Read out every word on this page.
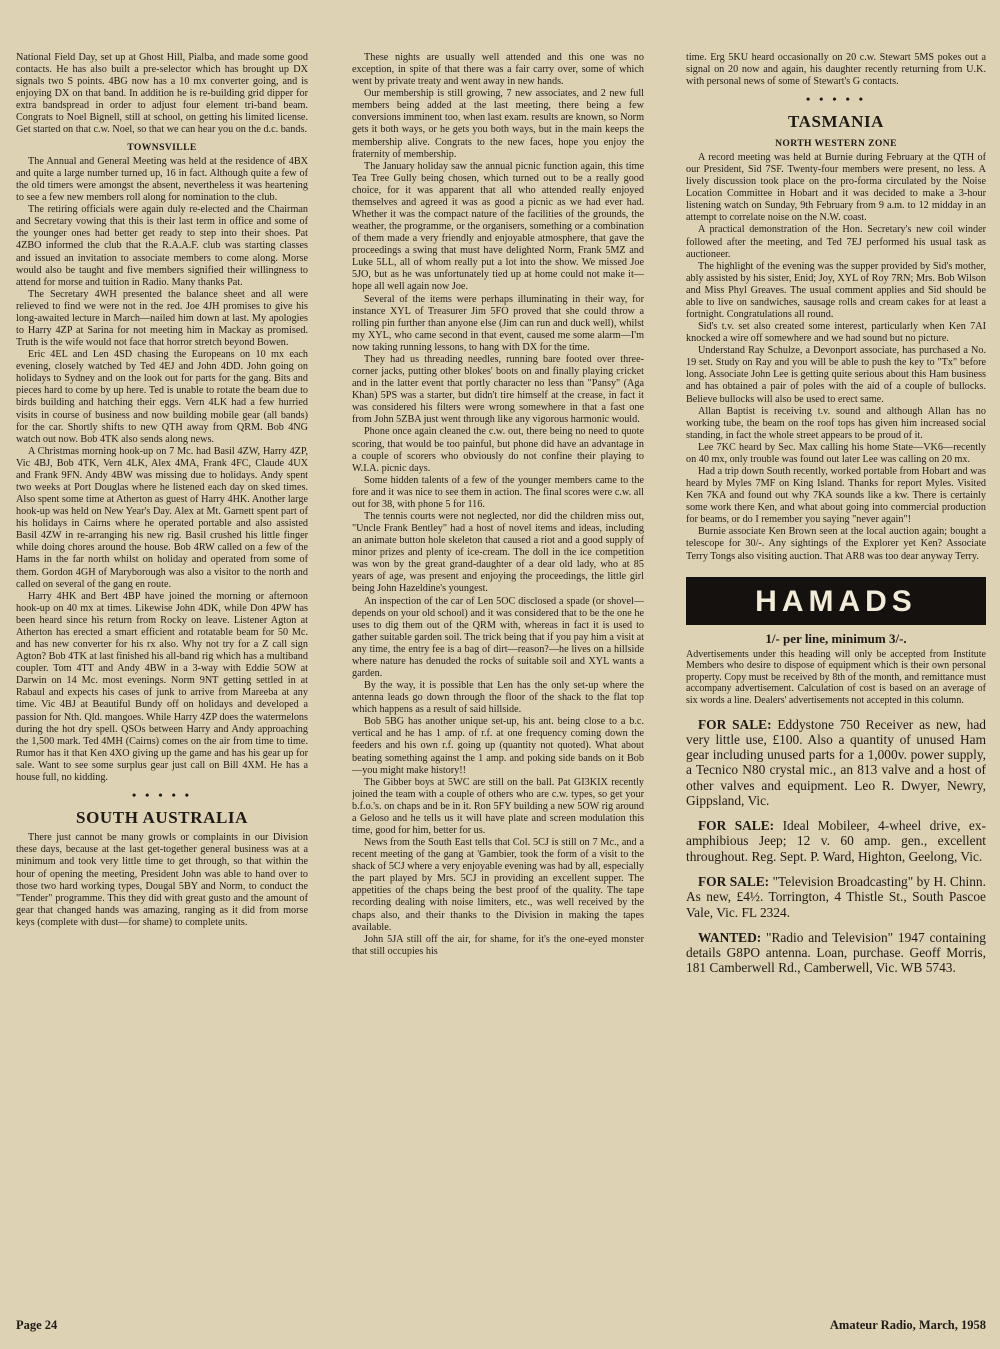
National Field Day, set up at Ghost Hill, Pialba, and made some good contacts. He has also built a pre-selector which has brought up DX signals two S points. 4BG now has a 10 mx converter going, and is enjoying DX on that band. In addition he is re-building grid dipper for extra bandspread in order to adjust four element tri-band beam. Congrats to Noel Bignell, still at school, on getting his limited license. Get started on that c.w. Noel, so that we can hear you on the d.c. bands.

TOWNSVILLE

The Annual and General Meeting was held at the residence of 4BX and quite a large number turned up, 16 in fact. Although quite a few of the old timers were amongst the absent, nevertheless it was heartening to see a few new members roll along for nomination to the club.

The retiring officials were again duly re-elected and the Chairman and Secretary vowing that this is their last term in office and some of the younger ones had better get ready to step into their shoes. Pat 4ZBO informed the club that the R.A.A.F. club was starting classes and issued an invitation to associate members to come along. Morse would also be taught and five members signified their willingness to attend for morse and tuition in Radio. Many thanks Pat.

The Secretary 4WH presented the balance sheet and all were relieved to find we were not in the red. Joe 4JH promises to give his long-awaited lecture in March—nailed him down at last. My apologies to Harry 4ZP at Sarina for not meeting him in Mackay as promised. Truth is the wife would not face that horror stretch beyond Bowen.

Eric 4EL and Len 4SD chasing the Europeans on 10 mx each evening, closely watched by Ted 4EJ and John 4DD. John going on holidays to Sydney and on the look out for parts for the gang. Bits and pieces hard to come by up here. Ted is unable to rotate the beam due to birds building and hatching their eggs. Vern 4LK had a few hurried visits in course of business and now building mobile gear (all bands) for the car. Shortly shifts to new QTH away from QRM. Bob 4NG watch out now. Bob 4TK also sends along news.

A Christmas morning hook-up on 7 Mc. had Basil 4ZW, Harry 4ZP, Vic 4BJ, Bob 4TK, Vern 4LK, Alex 4MA, Frank 4FC, Claude 4UX and Frank 9FN. Andy 4BW was missing due to holidays. Andy spent two weeks at Port Douglas where he listened each day on sked times. Also spent some time at Atherton as guest of Harry 4HK. Another large hook-up was held on New Year's Day. Alex at Mt. Garnett spent part of his holidays in Cairns where he operated portable and also assisted Basil 4ZW in re-arranging his new rig. Basil crushed his little finger while doing chores around the house. Bob 4RW called on a few of the Hams in the far north whilst on holiday and operated from some of them. Gordon 4GH of Maryborough was also a visitor to the north and called on several of the gang en route.

Harry 4HK and Bert 4BP have joined the morning or afternoon hook-up on 40 mx at times. Likewise John 4DK, while Don 4PW has been heard since his return from Rocky on leave. Listener Agton at Atherton has erected a smart efficient and rotatable beam for 50 Mc. and has new converter for his rx also. Why not try for a Z call sign Agton? Bob 4TK at last finished his all-band rig which has a multiband coupler. Tom 4TT and Andy 4BW in a 3-way with Eddie 5OW at Darwin on 14 Mc. most evenings. Norm 9NT getting settled in at Rabaul and expects his cases of junk to arrive from Mareeba at any time. Vic 4BJ at Beautiful Bundy off on holidays and developed a passion for Nth. Qld. mangoes. While Harry 4ZP does the watermelons during the hot dry spell. QSOs between Harry and Andy approaching the 1,500 mark. Ted 4MH (Cairns) comes on the air from time to time. Rumor has it that Ken 4XO giving up the game and has his gear up for sale. Want to see some surplus gear just call on Bill 4XM. He has a house full, no kidding.

• • • • •
SOUTH AUSTRALIA

There just cannot be many growls or complaints in our Division these days, because at the last get-together general business was at a minimum and took very little time to get through, so that within the hour of opening the meeting, President John was able to hand over to those two hard working types, Dougal 5BY and Norm, to conduct the "Tender" programme. This they did with great gusto and the amount of gear that changed hands was amazing, ranging as it did from morse keys (complete with dust—for shame) to complete units.

These nights are usually well attended and this one was no exception, in spite of that there was a fair carry over, some of which went by private treaty and went away in new hands.

Our membership is still growing, 7 new associates, and 2 new full members being added at the last meeting, there being a few conversions imminent too, when last exam. results are known, so Norm gets it both ways, or he gets you both ways, but in the main keeps the membership alive. Congrats to the new faces, hope you enjoy the fraternity of membership.

The January holiday saw the annual picnic function again, this time Tea Tree Gully being chosen, which turned out to be a really good choice, for it was apparent that all who attended really enjoyed themselves and agreed it was as good a picnic as we had ever had. Whether it was the compact nature of the facilities of the grounds, the weather, the programme, or the organisers, something or a combination of them made a very friendly and enjoyable atmosphere, that gave the proceedings a swing that must have delighted Norm, Frank 5MZ and Luke 5LL, all of whom really put a lot into the show. We missed Joe 5JO, but as he was unfortunately tied up at home could not make it—hope all well again now Joe.

Several of the items were perhaps illuminating in their way, for instance XYL of Treasurer Jim 5FO proved that she could throw a rolling pin further than anyone else (Jim can run and duck well), whilst my XYL, who came second in that event, caused me some alarm—I'm now taking running lessons, to hang with DX for the time.

They had us threading needles, running bare footed over three-corner jacks, putting other blokes' boots on and finally playing cricket and in the latter event that portly character no less than "Pansy" (Aga Khan) 5PS was a starter, but didn't tire himself at the crease, in fact it was considered his filters were wrong somewhere in that a fast one from John 5ZBA just went through like any vigorous harmonic would.

Phone once again cleaned the c.w. out, there being no need to quote scoring, that would be too painful, but phone did have an advantage in a couple of scorers who obviously do not confine their playing to W.I.A. picnic days.

Some hidden talents of a few of the younger members came to the fore and it was nice to see them in action. The final scores were c.w. all out for 38, with phone 5 for 116.

The tennis courts were not neglected, nor did the children miss out, "Uncle Frank Bentley" had a host of novel items and ideas, including an animate button hole skeleton that caused a riot and a good supply of minor prizes and plenty of ice-cream. The doll in the ice competition was won by the great grand-daughter of a dear old lady, who at 85 years of age, was present and enjoying the proceedings, the little girl being John Hazeldine's youngest.

An inspection of the car of Len 5OC disclosed a spade (or shovel—depends on your old school) and it was considered that to be the one he uses to dig them out of the QRM with, whereas in fact it is used to gather suitable garden soil. The trick being that if you pay him a visit at any time, the entry fee is a bag of dirt—reason?—he lives on a hillside where nature has denuded the rocks of suitable soil and XYL wants a garden.

By the way, it is possible that Len has the only set-up where the antenna leads go down through the floor of the shack to the flat top which happens as a result of said hillside.

Bob 5BG has another unique set-up, his ant. being close to a b.c. vertical and he has 1 amp. of r.f. at one frequency coming down the feeders and his own r.f. going up (quantity not quoted). What about beating something against the 1 amp. and poking side bands on it Bob—you might make history!!

The Gibber boys at 5WC are still on the ball. Pat GI3KIX recently joined the team with a couple of others who are c.w. types, so get your b.f.o.'s. on chaps and be in it. Ron 5FY building a new 5OW rig around a Geloso and he tells us it will have plate and screen modulation this time, good for him, better for us.

News from the South East tells that Col. 5CJ is still on 7 Mc., and a recent meeting of the gang at 'Gambier, took the form of a visit to the shack of 5CJ where a very enjoyable evening was had by all, especially the part played by Mrs. 5CJ in providing an excellent supper. The appetities of the chaps being the best proof of the quality. The tape recording dealing with noise limiters, etc., was well received by the chaps also, and their thanks to the Division in making the tapes available.

John 5JA still off the air, for shame, for it's the one-eyed monster that still occupies his

time. Erg 5KU heard occasionally on 20 c.w. Stewart 5MS pokes out a signal on 20 now and again, his daughter recently returning from U.K. with personal news of some of Stewart's G contacts.

• • • • •
TASMANIA
NORTH WESTERN ZONE

A record meeting was held at Burnie during February at the QTH of our President, Sid 7SF. Twenty-four members were present, no less. A lively discussion took place on the pro-forma circulated by the Noise Location Committee in Hobart and it was decided to make a 3-hour listening watch on Sunday, 9th February from 9 a.m. to 12 midday in an attempt to correlate noise on the N.W. coast.

A practical demonstration of the Hon. Secretary's new coil winder followed after the meeting, and Ted 7EJ performed his usual task as auctioneer.

The highlight of the evening was the supper provided by Sid's mother, ably assisted by his sister, Enid; Joy, XYL of Roy 7RN; Mrs. Bob Wilson and Miss Phyl Greaves. The usual comment applies and Sid should be able to live on sandwiches, sausage rolls and cream cakes for at least a fortnight. Congratulations all round.

Sid's t.v. set also created some interest, particularly when Ken 7AI knocked a wire off somewhere and we had sound but no picture.

Understand Ray Schulze, a Devonport associate, has purchased a No. 19 set. Study on Ray and you will be able to push the key to "Tx" before long. Associate John Lee is getting quite serious about this Ham business and has obtained a pair of poles with the aid of a couple of bullocks. Believe bullocks will also be used to erect same.

Allan Baptist is receiving t.v. sound and although Allan has no working tube, the beam on the roof tops has given him increased social standing, in fact the whole street appears to be proud of it.

Lee 7KC heard by Sec. Max calling his home State—VK6—recently on 40 mx, only trouble was found out later Lee was calling on 20 mx.

Had a trip down South recently, worked portable from Hobart and was heard by Myles 7MF on King Island. Thanks for report Myles. Visited Ken 7KA and found out why 7KA sounds like a kw. There is certainly some work there Ken, and what about going into commercial production for beams, or do I remember you saying "never again"!

Burnie associate Ken Brown seen at the local auction again; bought a telescope for 30/-. Any sightings of the Explorer yet Ken? Associate Terry Tongs also visiting auction. That AR8 was too dear anyway Terry.

HAMADS
1/- per line, minimum 3/-.
Advertisements under this heading will only be accepted from Institute Members who desire to dispose of equipment which is their own personal property. Copy must be received by 8th of the month, and remittance must accompany advertisement. Calculation of cost is based on an average of six words a line. Dealers' advertisements not accepted in this column.

FOR SALE: Eddystone 750 Receiver as new, had very little use, £100. Also a quantity of unused Ham gear including unused parts for a 1,000v. power supply, a Tecnico N80 crystal mic., an 813 valve and a host of other valves and equipment. Leo R. Dwyer, Newry, Gippsland, Vic.

FOR SALE: Ideal Mobileer, 4-wheel drive, ex-amphibious Jeep; 12 v. 60 amp. gen., excellent throughout. Reg. Sept. P. Ward, Highton, Geelong, Vic.

FOR SALE: "Television Broadcasting" by H. Chinn. As new, £4½. Torrington, 4 Thistle St., South Pascoe Vale, Vic. FL 2324.

WANTED: "Radio and Television" 1947 containing details G8PO antenna. Loan, purchase. Geoff Morris, 181 Camberwell Rd., Camberwell, Vic. WB 5743.

Page 24	Amateur Radio, March, 1958
